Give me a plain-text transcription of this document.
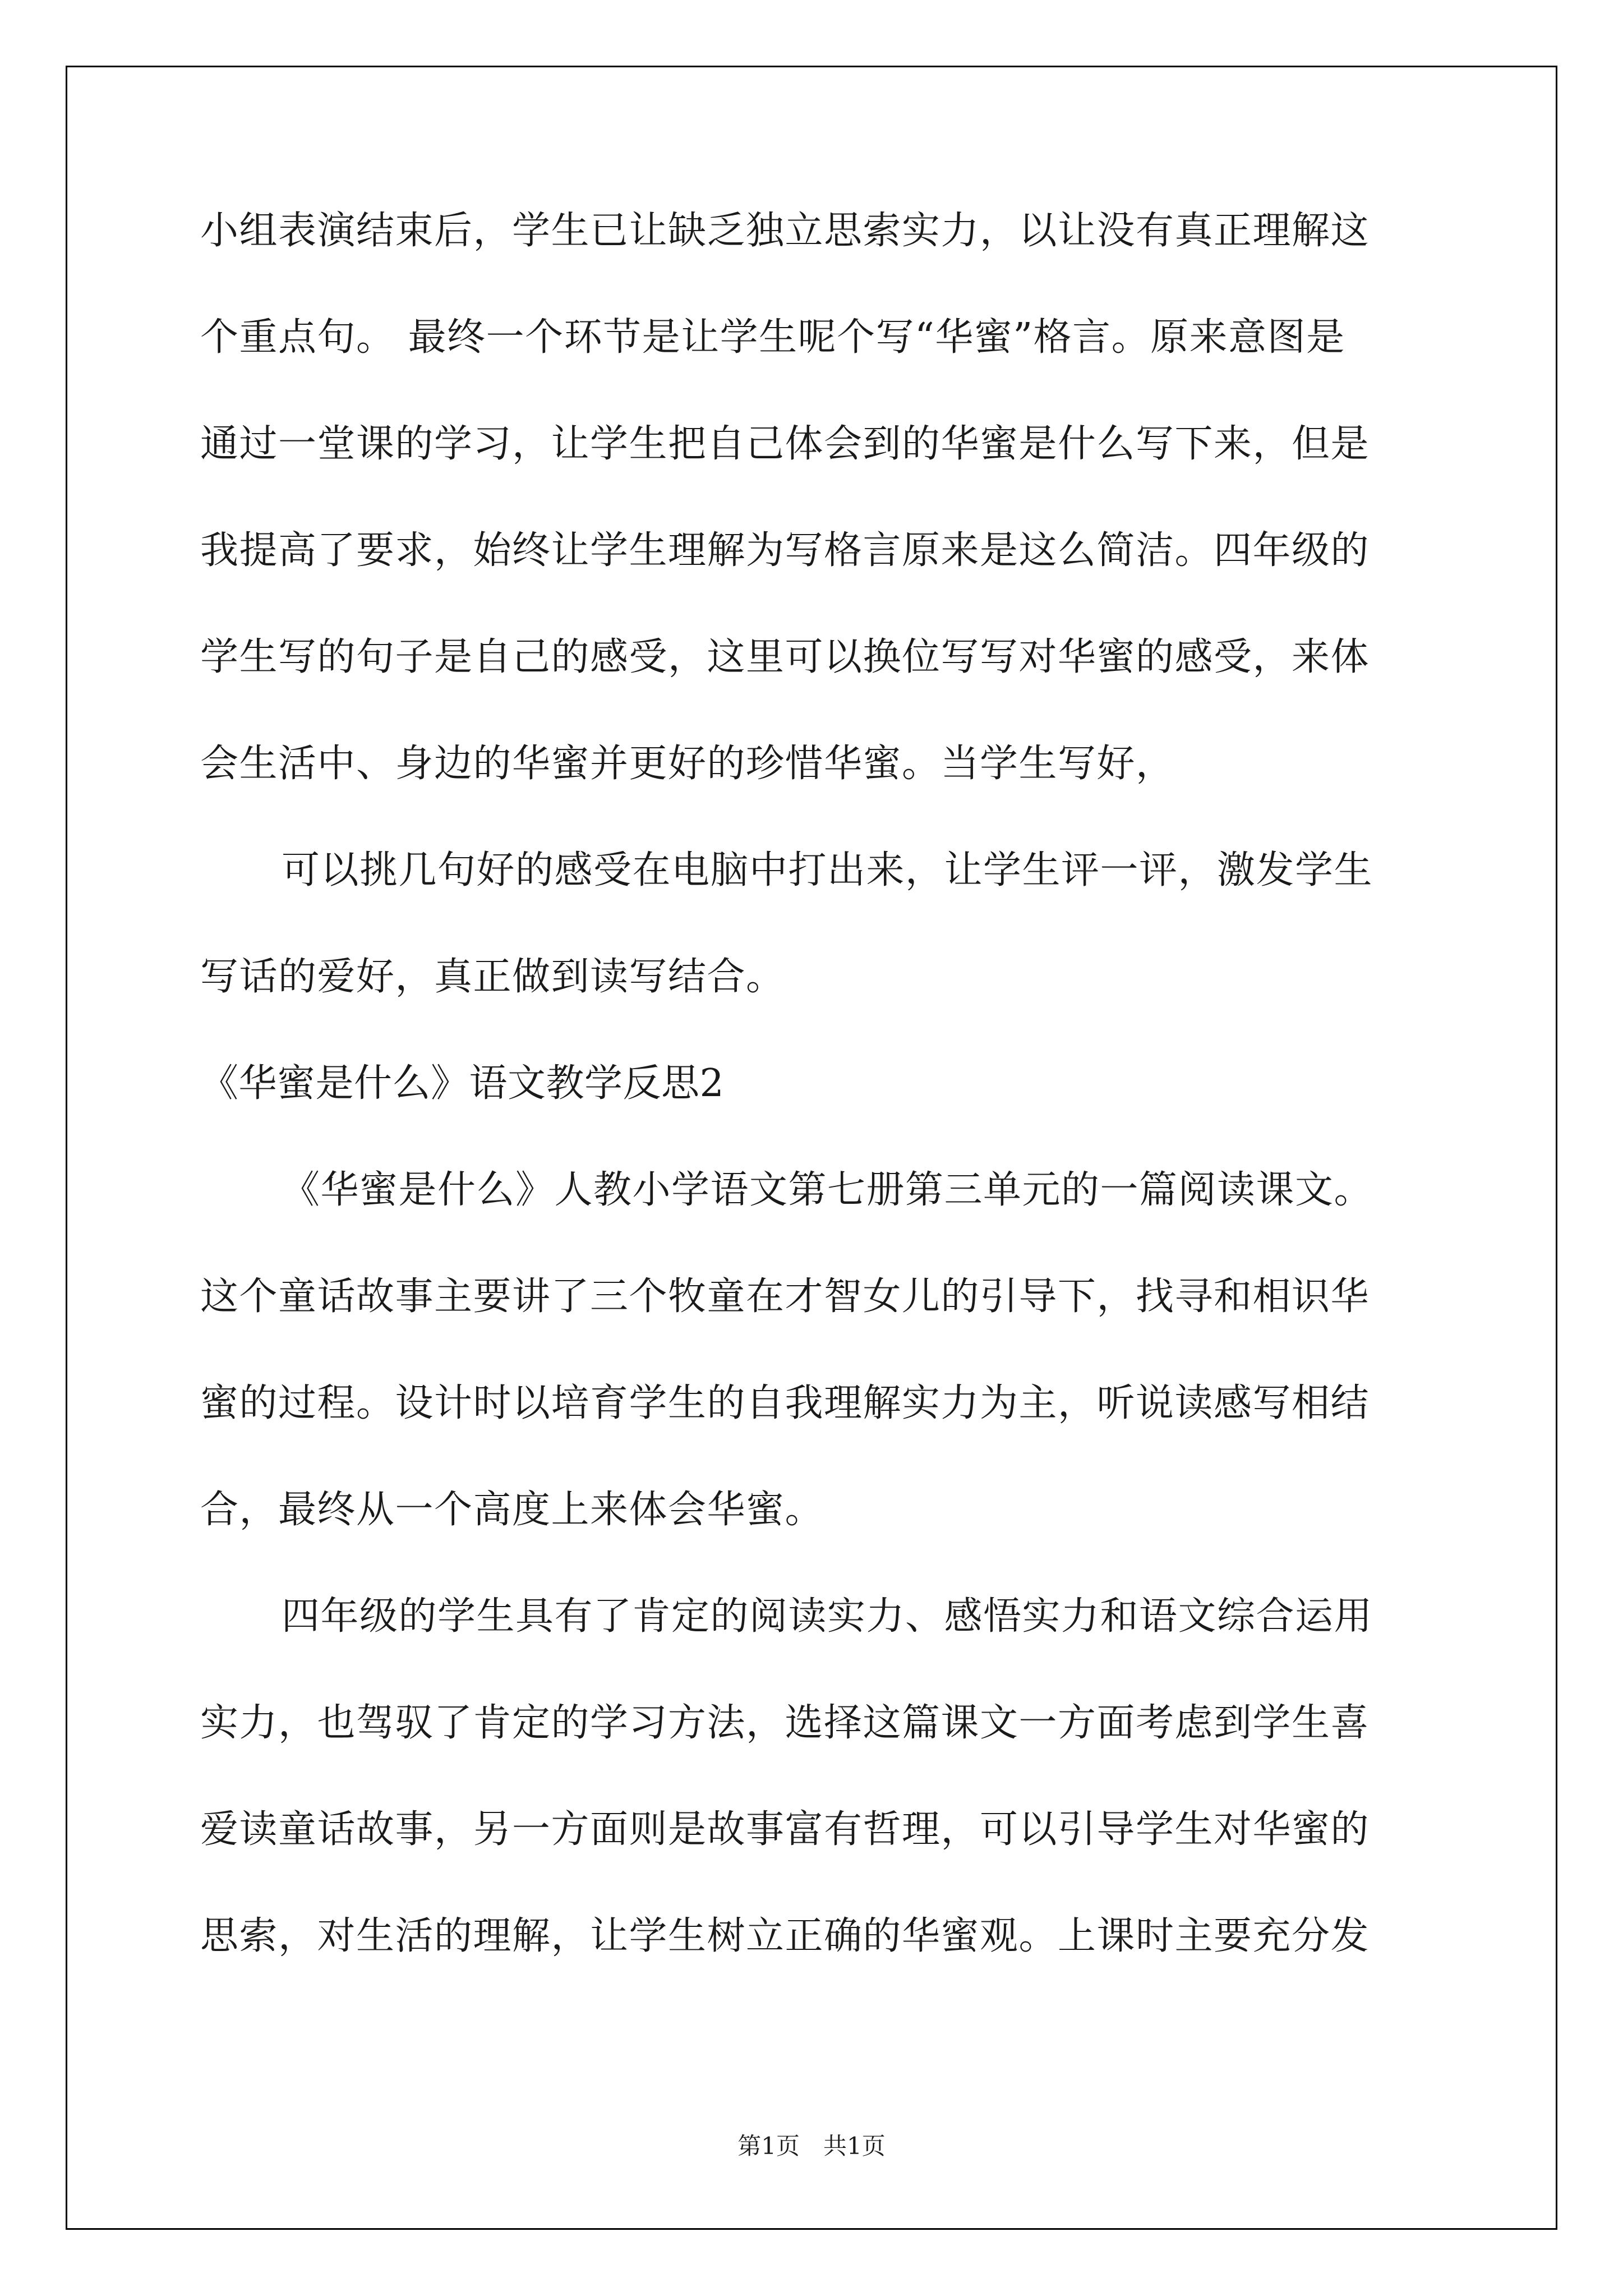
小组表演结束后，学生已让缺乏独立思索实力，以让没有真正理解这
个重点句。 最终一个环节是让学生呢个写“华蜜”格言。原来意图是
通过一堂课的学习，让学生把自己体会到的华蜜是什么写下来，但是
我提高了要求，始终让学生理解为写格言原来是这么简洁。四年级的
学生写的句子是自己的感受，这里可以换位写写对华蜜的感受，来体
会生活中、身边的华蜜并更好的珍惜华蜜。当学生写好，
可以挑几句好的感受在电脑中打出来，让学生评一评，激发学生
写话的爱好，真正做到读写结合。
《华蜜是什么》语文教学反思2
《华蜜是什么》人教小学语文第七册第三单元的一篇阅读课文。
这个童话故事主要讲了三个牧童在才智女儿的引导下，找寻和相识华
蜜的过程。设计时以培育学生的自我理解实力为主，听说读感写相结
合，最终从一个高度上来体会华蜜。
四年级的学生具有了肯定的阅读实力、感悟实力和语文综合运用
实力，也驾驭了肯定的学习方法，选择这篇课文一方面考虑到学生喜
爱读童话故事，另一方面则是故事富有哲理，可以引导学生对华蜜的
思索，对生活的理解，让学生树立正确的华蜜观。上课时主要充分发
第1页　共1页
